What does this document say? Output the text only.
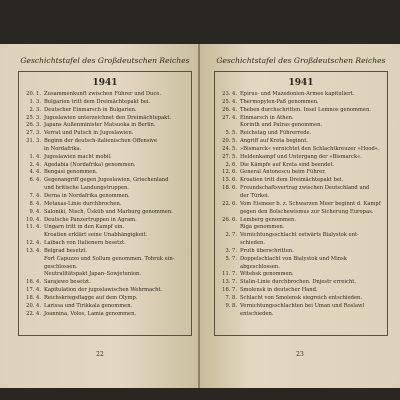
Geschichtstafel des Großdeutschen Reiches
1941
20. 1. Zusammenkunft zwischen Führer und Duce.
1. 3. Bulgarien tritt dem Dreimächtepakt bei.
2. 3. Deutscher Einmarsch in Bulgarien.
25. 3. Jugoslawien unterzeichnet den Dreimächtepakt.
26. 3. Japans Außenminister Matsuoka in Berlin.
27. 3. Verrat und Putsch in Jugoslawien.
31. 3. Beginn der deutsch-italienischen Offensive
in Nordafrika.
1. 4. Jugoslawien macht mobil.
2. 4. Agedabia (Nordafrika) genommen.
4. 4. Bengasi genommen.
6. 4. Gegenangriff gegen Jugoslawien, Griechenland
und britische Landungstruppen.
7. 4. Derna in Nordafrika genommen.
8. 4. Metaxas-Linie durchbrochen.
9. 4. Saloniki, Nisch, Üsküb und Marburg genommen.
10. 4. Deutsche Panzertruppen in Agram.
11. 4. Ungarn tritt in den Kampf ein.
Kroatien erklärt seine Unabhängigkeit.
12. 4. Laibach von Italienern besetzt.
13. 4. Belgrad besetzt.
Fort Capuzzo und Sollum genommen. Tobruk ein-
geschlossen.
Neutralitätspakt Japan–Sowjetunion.
16. 4. Sarajewo besetzt.
17. 4. Kapitulation der jugoslawischen Wehrmacht.
18. 4. Reichskriegsflagge auf dem Olymp.
20. 4. Larissa und Tirikkala genommen.
22. 4. Joannina, Volos, Lamia genommen.
22
Geschichtstafel des Großdeutschen Reiches
1941
23. 4. Epirus- und Mazedonien-Armee kapituliert.
25. 4. Thermopylen-Paß genommen.
26. 4. Theben durchschritten. Insel Lemnos genommen.
27. 4. Einmarsch in Athen.
Korinth und Patras genommen.
5. 5. Reichstag und Führerrede.
20. 5. Angriff auf Kreta beginnt.
24. 5. »Bismarck« vernichtet den Schlachtkreuzer »Hood«.
27. 5. Heldenkampf und Untergang der »Bismarck«.
2. 6. Die Kämpfe auf Kreta sind beendet.
12. 6. General Antonescu beim Führer.
15. 6. Kroatien tritt dem Dreimächtepakt bei.
18. 6. Freundschaftsvertrag zwischen Deutschland und
der Türkei.
22. 6. Vom Eismeer b. z. Schwarzen Meer beginnt d. Kampf
gegen den Bolschewismus zur Sicherung Europas.
26. 6. Lemberg genommen.
Riga genommen.
2. 7. Vernichtungsschlacht ostwärts Bialystok ent-
schieden.
3. 7. Pruth überschritten.
5. 7. Doppelschlacht von Bialystok und Minsk
abgeschlossen.
11. 7. Witebsk genommen.
13. 7. Stalin-Linie durchbrochen. Dnjestr erreicht.
16. 7. Smolensk in deutscher Hand.
7. 8. Schlacht von Smolensk siegreich entschieden.
9. 8. Vernichtungsschlachten bei Uman und Roslawl
entschieden.
23
